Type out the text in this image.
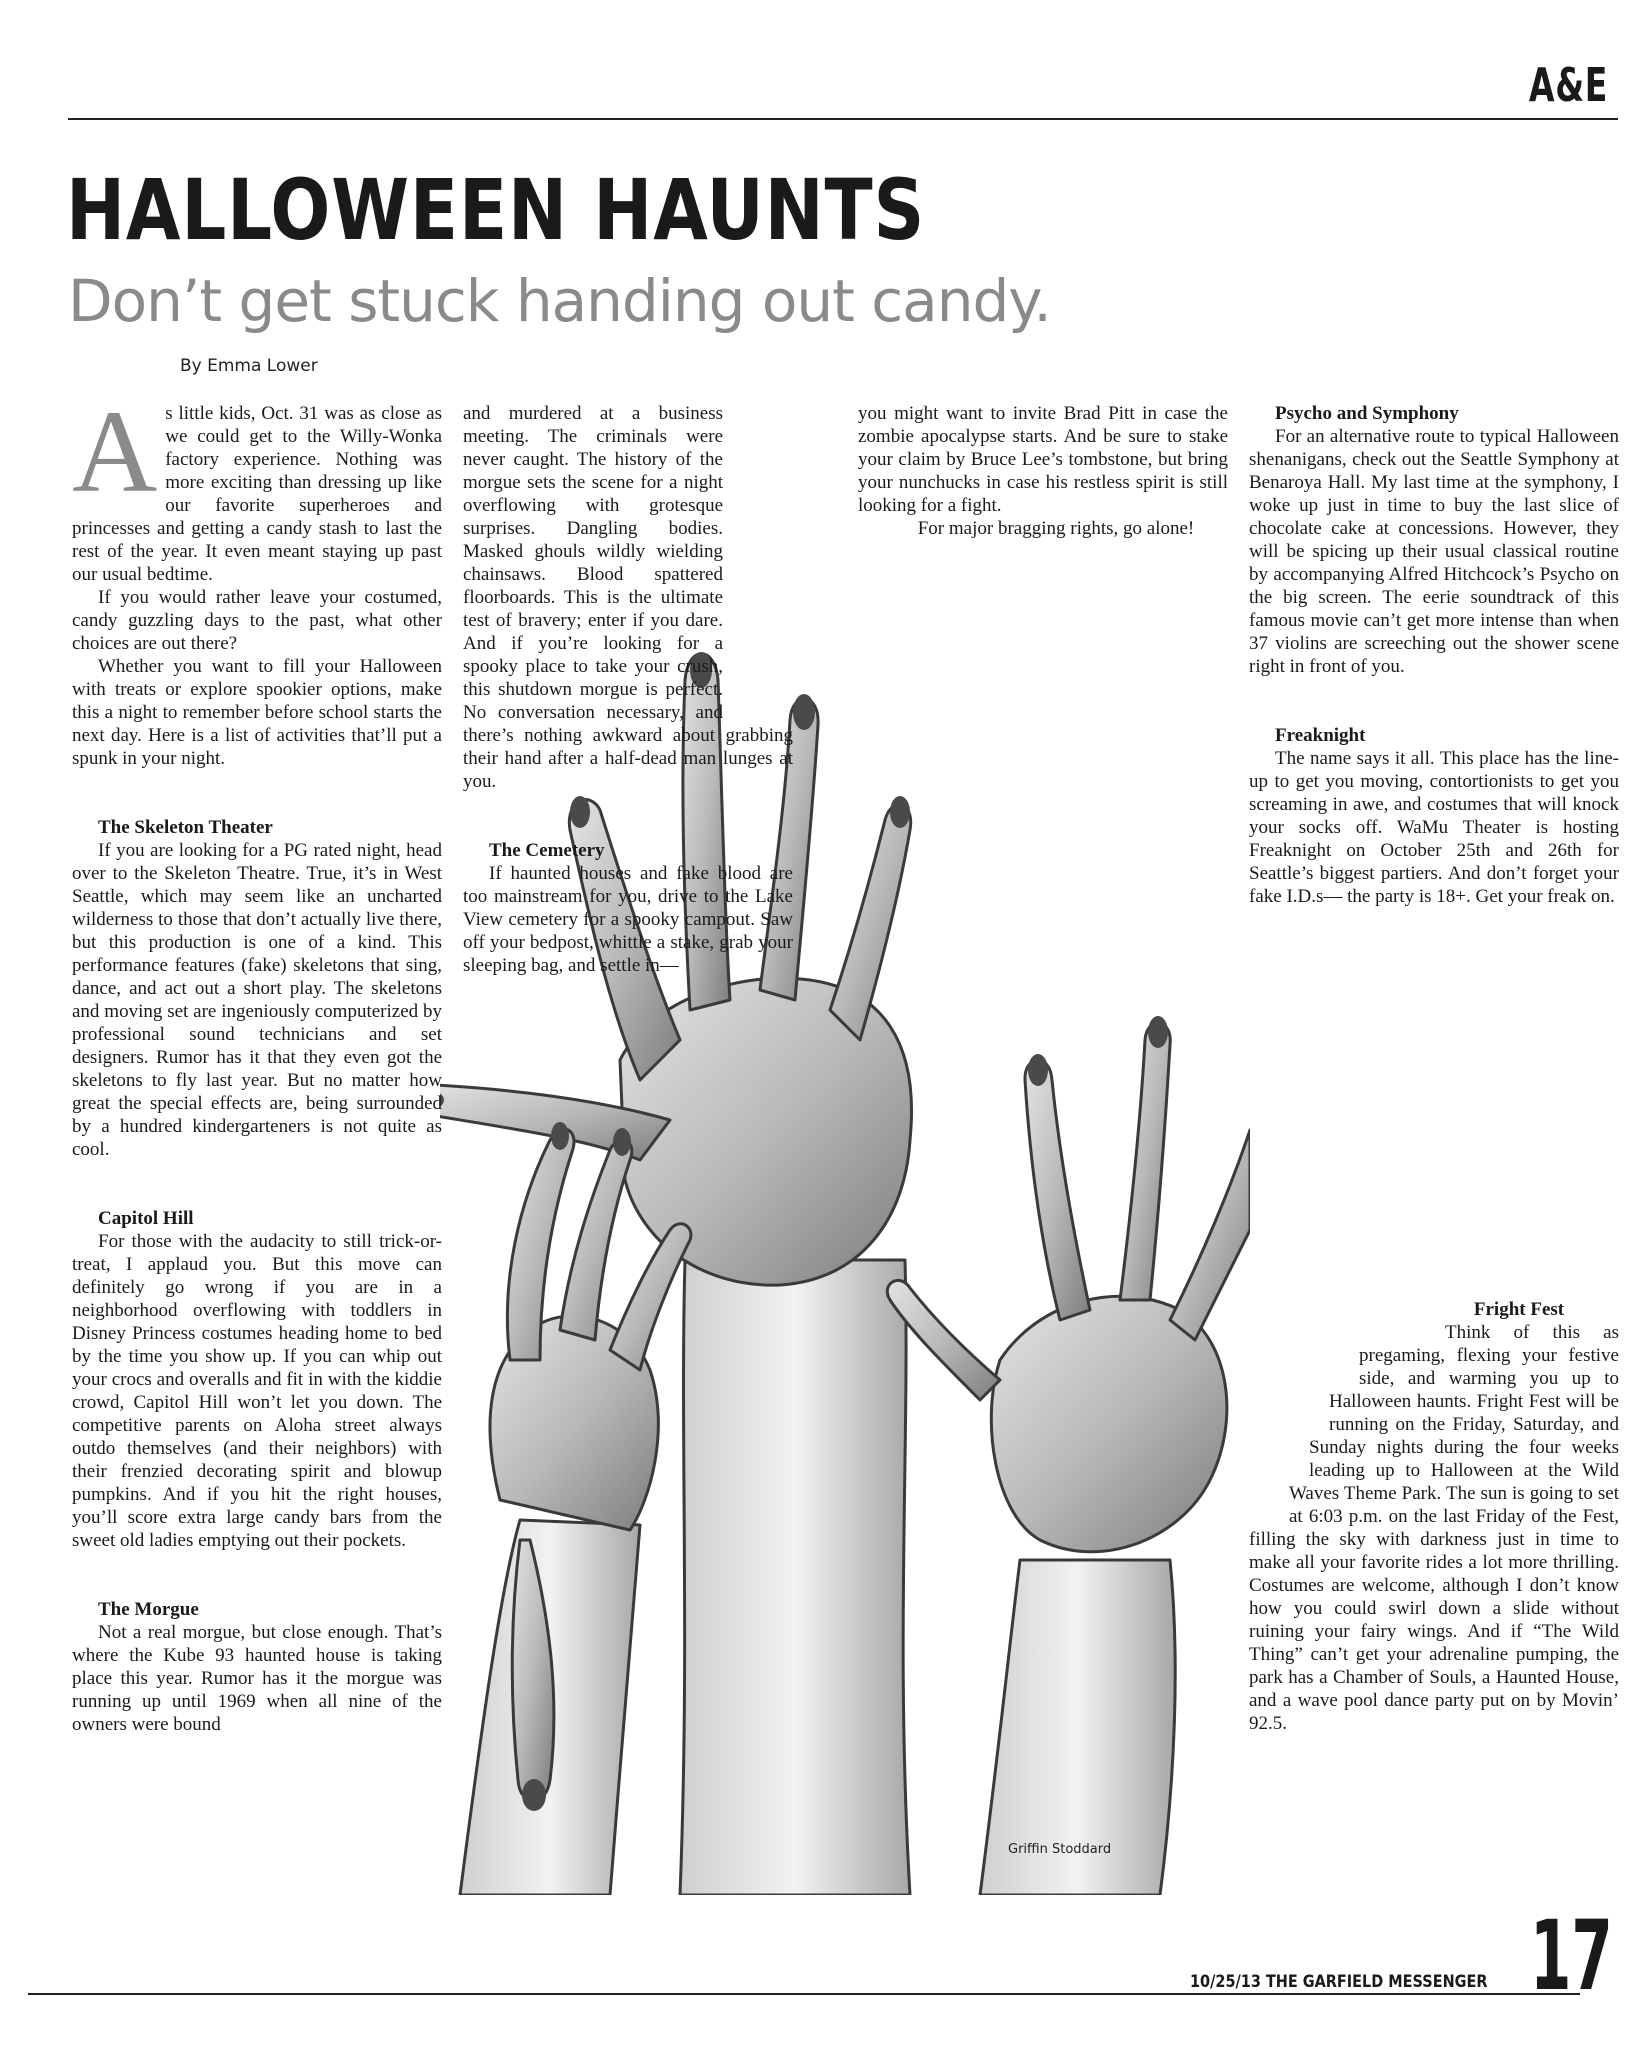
A&E
HALLOWEEN HAUNTS
Don’t get stuck handing out candy.
By Emma Lower
Griffin Stoddard

As little kids, Oct. 31 was as close as we could get to the Willy-Wonka factory experience. Nothing was more exciting than dressing up like our favorite superheroes and princesses and getting a candy stash to last the rest of the year. It even meant staying up past our usual bedtime.

If you would rather leave your costumed, candy guzzling days to the past, what other choices are out there?

Whether you want to fill your Halloween with treats or explore spookier options, make this a night to remember before school starts the next day. Here is a list of activities that’ll put a spunk in your night.

The Skeleton Theater

If you are looking for a PG rated night, head over to the Skeleton Theatre. True, it’s in West Seattle, which may seem like an uncharted wilderness to those that don’t actually live there, but this production is one of a kind. This performance features (fake) skeletons that sing, dance, and act out a short play. The skeletons and moving set are ingeniously computerized by professional sound technicians and set designers. Rumor has it that they even got the skeletons to fly last year. But no matter how great the special effects are, being surrounded by a hundred kindergarteners is not quite as cool.

Capitol Hill

For those with the audacity to still trick-or-treat, I applaud you. But this move can definitely go wrong if you are in a neighborhood overflowing with toddlers in Disney Princess costumes heading home to bed by the time you show up. If you can whip out your crocs and overalls and fit in with the kiddie crowd, Capitol Hill won’t let you down. The competitive parents on Aloha street always outdo themselves (and their neighbors) with their frenzied decorating spirit and blowup pumpkins. And if you hit the right houses, you’ll score extra large candy bars from the sweet old ladies emptying out their pockets.

The Morgue

Not a real morgue, but close enough. That’s where the Kube 93 haunted house is taking place this year. Rumor has it the morgue was running up until 1969 when all nine of the owners were bound

and murdered at a business meeting. The criminals were never caught. The history of the morgue sets the scene for a night overflowing with grotesque surprises. Dangling bodies. Masked ghouls wildly wielding chainsaws. Blood spattered floorboards. This is the ultimate test of bravery; enter if you dare. And if you’re looking for a spooky place to take your crush, this shutdown morgue is perfect. No conversation necessary, and there’s nothing awkward about grabbing their hand after a half-dead man lunges at you.

The Cemetery

If haunted houses and fake blood are too mainstream for you, drive to the Lake View cemetery for a spooky campout. Saw off your bedpost, whittle a stake, grab your sleeping bag, and settle in—

you might want to invite Brad Pitt in case the zombie apocalypse starts. And be sure to stake your claim by Bruce Lee’s tombstone, but bring your nunchucks in case his restless spirit is still looking for a fight.

For major bragging rights, go alone!

Psycho and Symphony

For an alternative route to typical Halloween shenanigans, check out the Seattle Symphony at Benaroya Hall. My last time at the symphony, I woke up just in time to buy the last slice of chocolate cake at concessions. However, they will be spicing up their usual classical routine by accompanying Alfred Hitchcock’s Psycho on the big screen. The eerie soundtrack of this famous movie can’t get more intense than when 37 violins are screeching out the shower scene right in front of you.

Freaknight

The name says it all. This place has the line-up to get you moving, contortionists to get you screaming in awe, and costumes that will knock your socks off. WaMu Theater is hosting Freaknight on October 25th and 26th for Seattle’s biggest partiers. And don’t forget your fake I.D.s— the party is 18+. Get your freak on.

Fright Fest

Think of this as pregaming, flexing your festive side, and warming you up to Halloween haunts. Fright Fest will be running on the Friday, Saturday, and Sunday nights during the four weeks leading up to Halloween at the Wild Waves Theme Park. The sun is going to set at 6:03 p.m. on the last Friday of the Fest, filling the sky with darkness just in time to make all your favorite rides a lot more thrilling. Costumes are welcome, although I don’t know how you could swirl down a slide without ruining your fairy wings. And if “The Wild Thing” can’t get your adrenaline pumping, the park has a Chamber of Souls, a Haunted House, and a wave pool dance party put on by Movin’ 92.5.

10/25/13 THE GARFIELD MESSENGER 17
